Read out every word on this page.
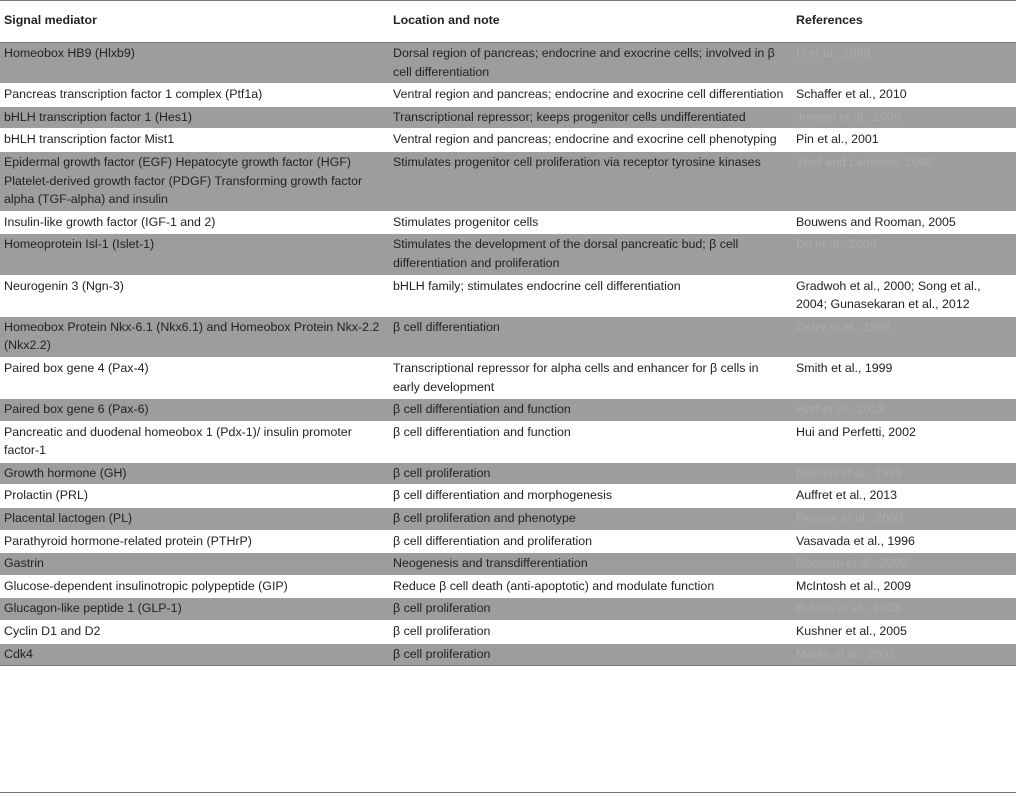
Signal mediator	Location and note	References
Homeobox HB9 (Hlxb9)	Dorsal region of pancreas; endocrine and exocrine cells; involved in β cell differentiation	Li et al., 1999.
Pancreas transcription factor 1 complex (Ptf1a)	Ventral region and pancreas; endocrine and exocrine cell differentiation	Schaffer et al., 2010
bHLH transcription factor 1 (Hes1)	Transcriptional repressor; keeps progenitor cells undifferentiated	Jensen et al., 2000
bHLH transcription factor Mist1	Ventral region and pancreas; endocrine and exocrine cell phenotyping	Pin et al., 2001
Epidermal growth factor (EGF) Hepatocyte growth factor (HGF) Platelet-derived growth factor (PDGF) Transforming growth factor alpha (TGF-alpha) and insulin	Stimulates progenitor cell proliferation via receptor tyrosine kinases	Yesil and Lammert, 2008
Insulin-like growth factor (IGF-1 and 2)	Stimulates progenitor cells	Bouwens and Rooman, 2005
Homeoprotein Isl-1 (Islet-1)	Stimulates the development of the dorsal pancreatic bud; β cell differentiation and proliferation	Du et al., 2009
Neurogenin 3 (Ngn-3)	bHLH family; stimulates endocrine cell differentiation	Gradwoh et al., 2000; Song et al., 2004; Gunasekaran et al., 2012
Homeobox Protein Nkx-6.1 (Nkx6.1) and Homeobox Protein Nkx-2.2 (Nkx2.2)	β cell differentiation	Oster et al., 1998
Paired box gene 4 (Pax-4)	Transcriptional repressor for alpha cells and enhancer for β cells in early development	Smith et al., 1999
Paired box gene 6 (Pax-6)	β cell differentiation and function	Hart et al., 2013
Pancreatic and duodenal homeobox 1 (Pdx-1)/ insulin promoter factor-1	β cell differentiation and function	Hui and Perfetti, 2002
Growth hormone (GH)	β cell proliferation	Nielsen et al., 1989
Prolactin (PRL)	β cell differentiation and morphogenesis	Auffret et al., 2013
Placental lactogen (PL)	β cell proliferation and phenotype	Fleenor et al., 2000
Parathyroid hormone-related protein (PTHrP)	β cell differentiation and proliferation	Vasavada et al., 1996
Gastrin	Neogenesis and transdifferentiation	Rooman et al., 2002
Glucose-dependent insulinotropic polypeptide (GIP)	Reduce β cell death (anti-apoptotic) and modulate function	McIntosh et al., 2009
Glucagon-like peptide 1 (GLP-1)	β cell proliferation	Buteau et al., 2003
Cyclin D1 and D2	β cell proliferation	Kushner et al., 2005
Cdk4	β cell proliferation	Martin et al., 2003
